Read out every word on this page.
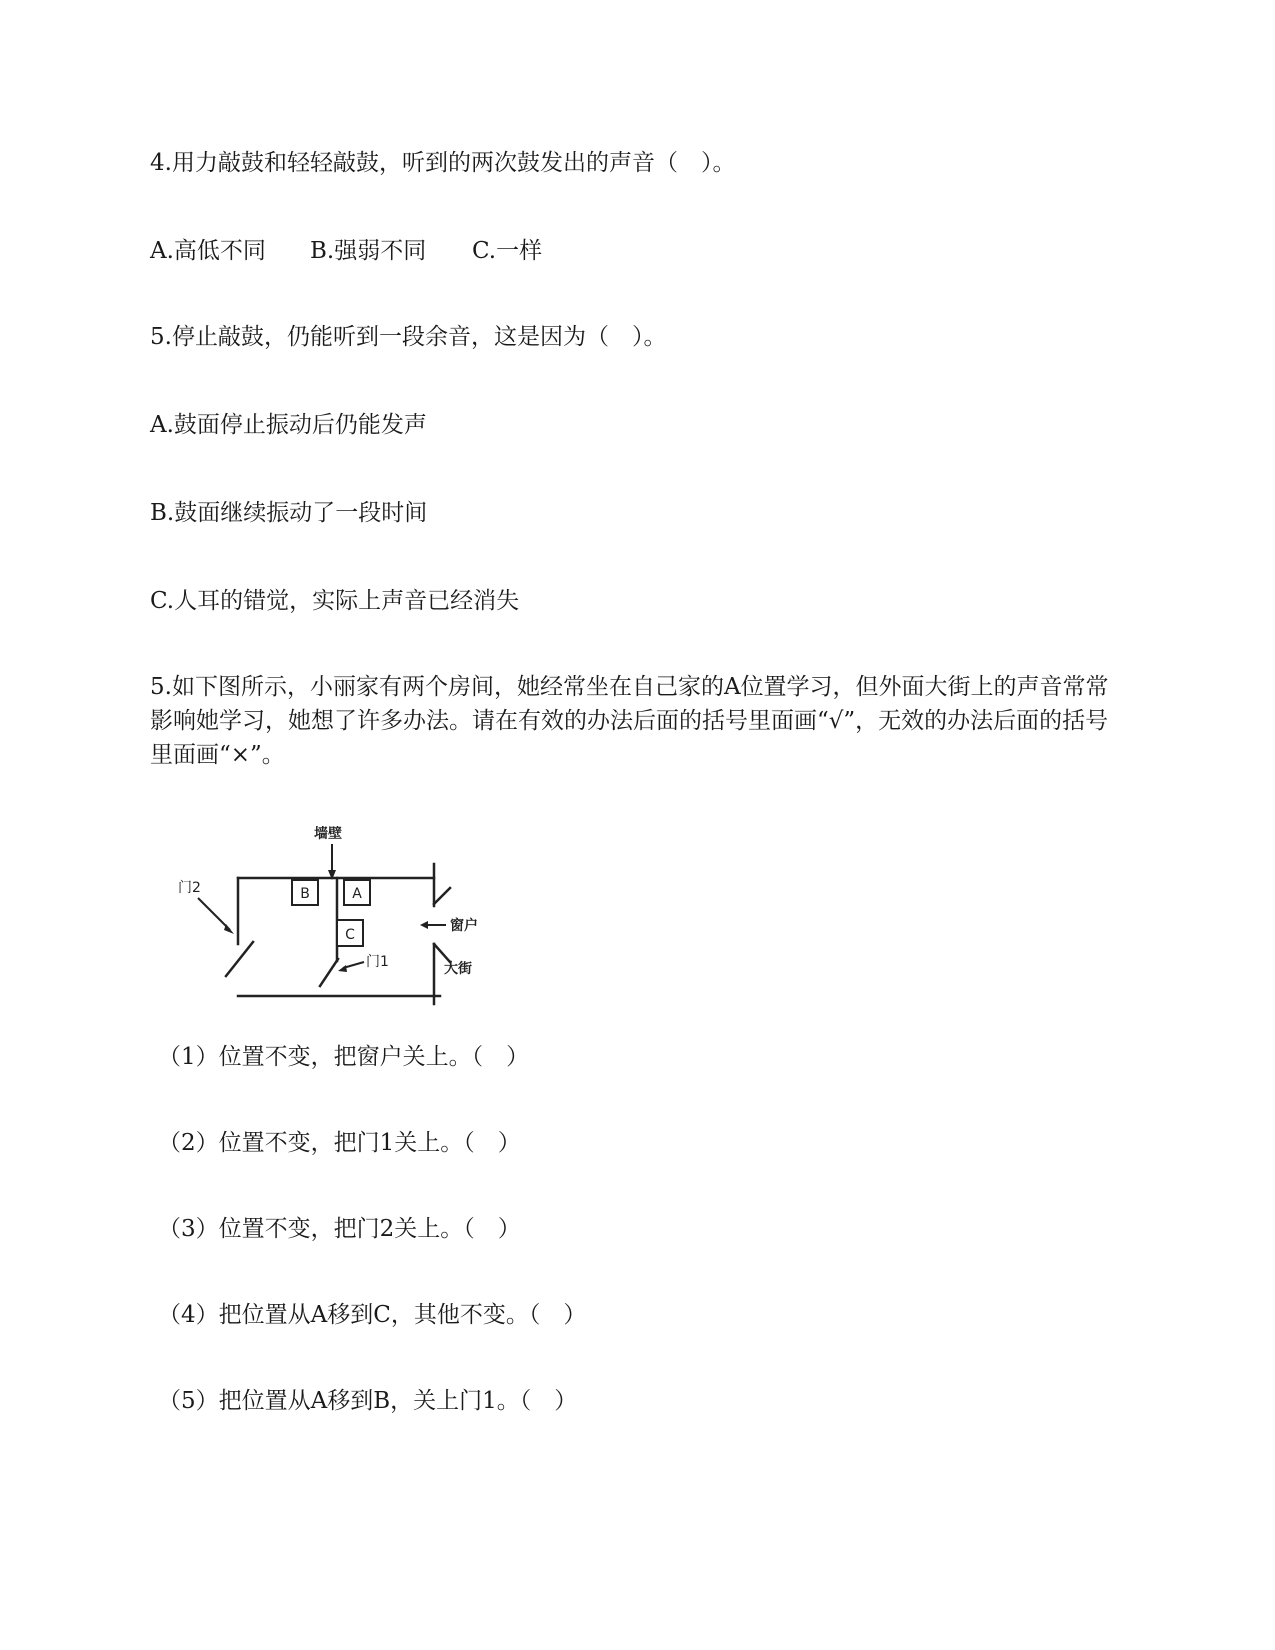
4.用力敲鼓和轻轻敲鼓，听到的两次鼓发出的声音（　）。
A.高低不同 B.强弱不同 C.一样
5.停止敲鼓，仍能听到一段余音，这是因为（　）。
A.鼓面停止振动后仍能发声
B.鼓面继续振动了一段时间
C.人耳的错觉，实际上声音已经消失
5.如下图所示，小丽家有两个房间，她经常坐在自己家的A位置学习，但外面大街上的声音常常影响她学习，她想了许多办法。请在有效的办法后面的括号里面画“√”，无效的办法后面的括号里面画“×”。
墙壁
B	A
C
门2
窗户
门1	大街
（1）位置不变，把窗户关上。（　）
（2）位置不变，把门1关上。（　）
（3）位置不变，把门2关上。（　）
（4）把位置从A移到C，其他不变。（　）
（5）把位置从A移到B，关上门1。（　）
